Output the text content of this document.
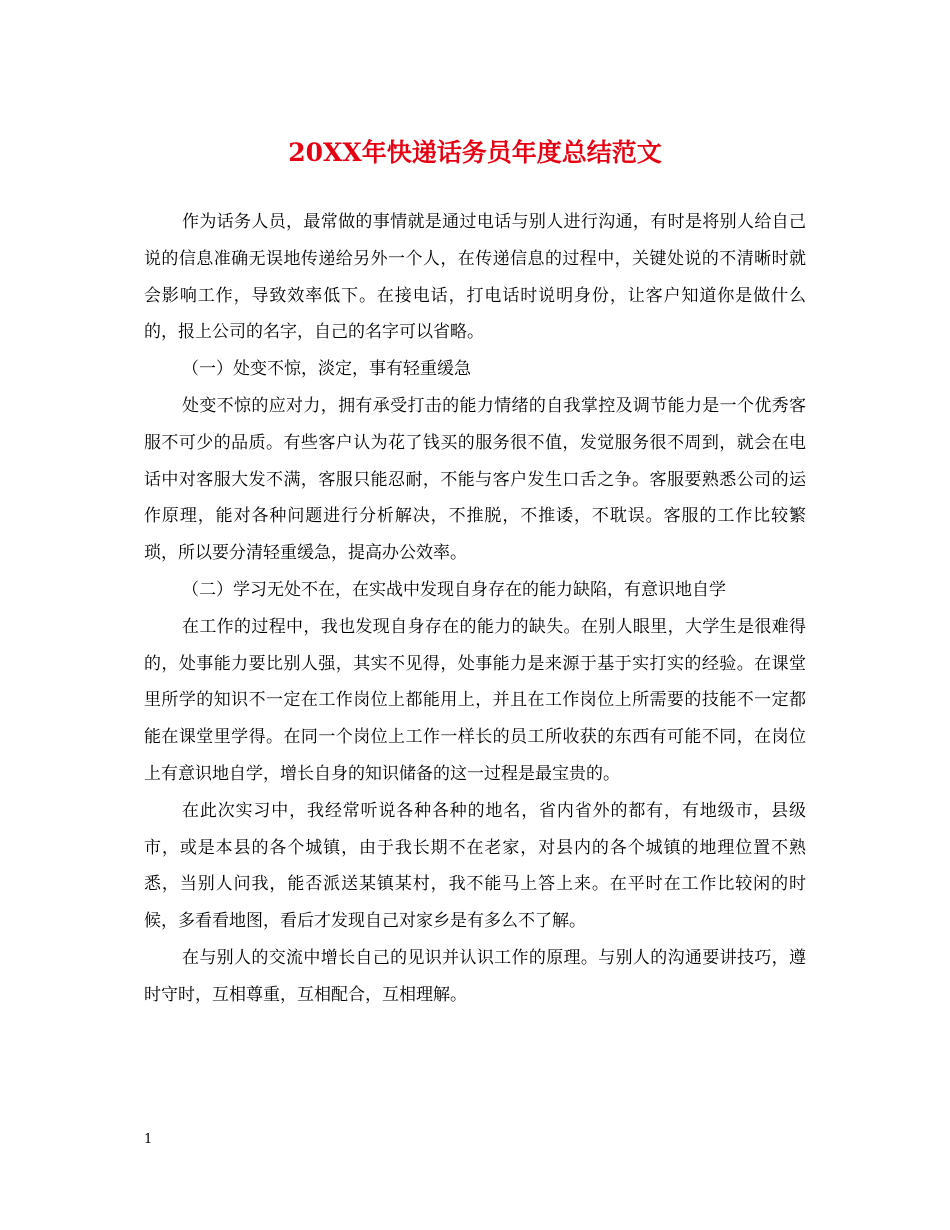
20XX年快递话务员年度总结范文

作为话务人员，最常做的事情就是通过电话与别人进行沟通，有时是将别人给自己说的信息准确无误地传递给另外一个人，在传递信息的过程中，关键处说的不清晰时就会影响工作，导致效率低下。在接电话，打电话时说明身份，让客户知道你是做什么的，报上公司的名字，自己的名字可以省略。

（一）处变不惊，淡定，事有轻重缓急

处变不惊的应对力，拥有承受打击的能力情绪的自我掌控及调节能力是一个优秀客服不可少的品质。有些客户认为花了钱买的服务很不值，发觉服务很不周到，就会在电话中对客服大发不满，客服只能忍耐，不能与客户发生口舌之争。客服要熟悉公司的运作原理，能对各种问题进行分析解决，不推脱，不推诿，不耽误。客服的工作比较繁琐，所以要分清轻重缓急，提高办公效率。

（二）学习无处不在，在实战中发现自身存在的能力缺陷，有意识地自学

在工作的过程中，我也发现自身存在的能力的缺失。在别人眼里，大学生是很难得的，处事能力要比别人强，其实不见得，处事能力是来源于基于实打实的经验。在课堂里所学的知识不一定在工作岗位上都能用上，并且在工作岗位上所需要的技能不一定都能在课堂里学得。在同一个岗位上工作一样长的员工所收获的东西有可能不同，在岗位上有意识地自学，增长自身的知识储备的这一过程是最宝贵的。

在此次实习中，我经常听说各种各种的地名，省内省外的都有，有地级市，县级市，或是本县的各个城镇，由于我长期不在老家，对县内的各个城镇的地理位置不熟悉，当别人问我，能否派送某镇某村，我不能马上答上来。在平时在工作比较闲的时候，多看看地图，看后才发现自己对家乡是有多么不了解。

在与别人的交流中增长自己的见识并认识工作的原理。与别人的沟通要讲技巧，遵时守时，互相尊重，互相配合，互相理解。

1
